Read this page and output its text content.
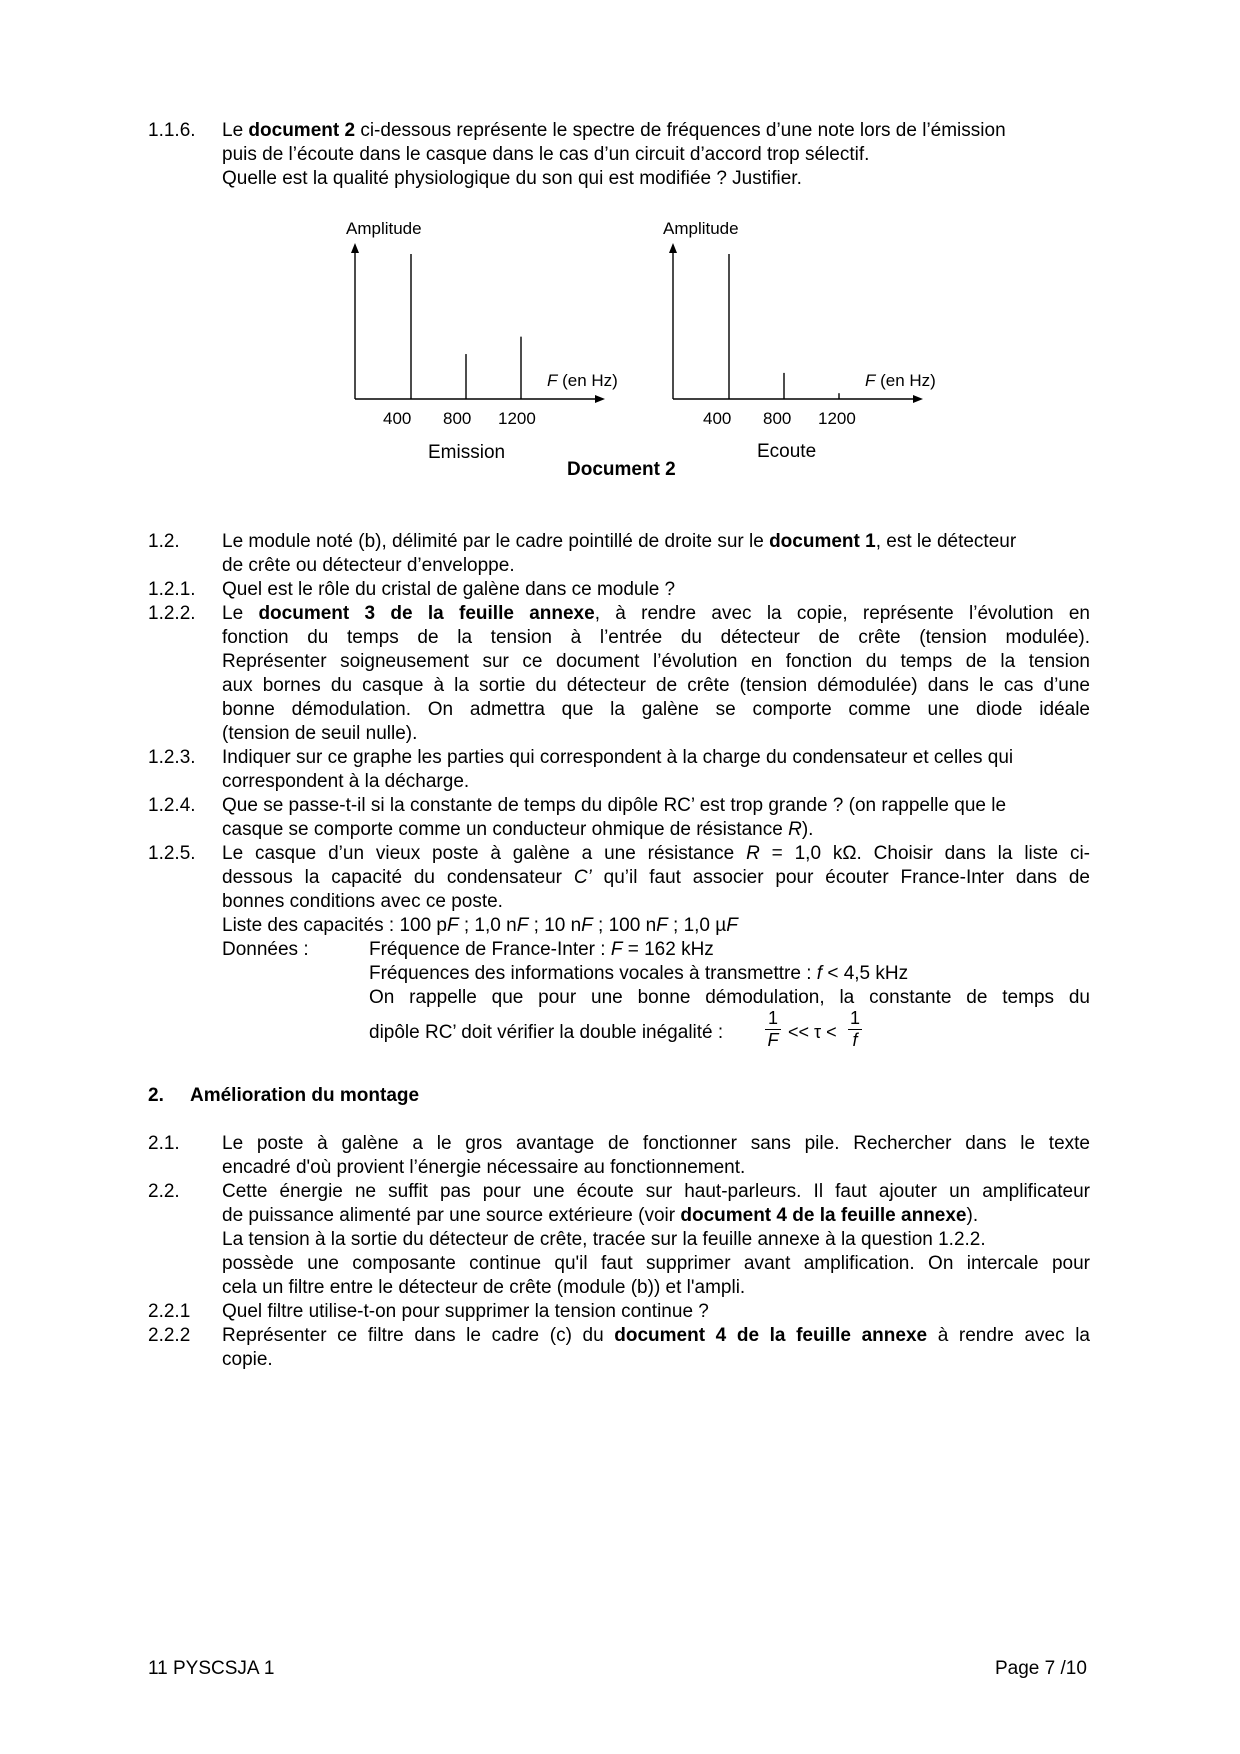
1.1.6. Le document 2 ci-dessous représente le spectre de fréquences d’une note lors de l’émission
puis de l’écoute dans le casque dans le cas d’un circuit d’accord trop sélectif.
Quelle est la qualité physiologique du son qui est modifiée ? Justifier.
Amplitude	Amplitude
F (en Hz)	F (en Hz)
400 800 1200	400 800 1200
Emission	Ecoute
Document 2
1.2. Le module noté (b), délimité par le cadre pointillé de droite sur le document 1, est le détecteur
de crête ou détecteur d’enveloppe.
1.2.1. Quel est le rôle du cristal de galène dans ce module ?
1.2.2. Le document 3 de la feuille annexe, à rendre avec la copie, représente l’évolution en
fonction du temps de la tension à l’entrée du détecteur de crête (tension modulée).
Représenter soigneusement sur ce document l’évolution en fonction du temps de la tension
aux bornes du casque à la sortie du détecteur de crête (tension démodulée) dans le cas d’une
bonne démodulation. On admettra que la galène se comporte comme une diode idéale
(tension de seuil nulle).
1.2.3. Indiquer sur ce graphe les parties qui correspondent à la charge du condensateur et celles qui
correspondent à la décharge.
1.2.4. Que se passe-t-il si la constante de temps du dipôle RC’ est trop grande ? (on rappelle que le
casque se comporte comme un conducteur ohmique de résistance R).
1.2.5. Le casque d’un vieux poste à galène a une résistance R = 1,0 kΩ. Choisir dans la liste ci-
dessous la capacité du condensateur C’ qu’il faut associer pour écouter France-Inter dans de
bonnes conditions avec ce poste.
Liste des capacités : 100 pF ; 1,0 nF ; 10 nF ; 100 nF ; 1,0 µF
Données :	Fréquence de France-Inter : F = 162 kHz
Fréquences des informations vocales à transmettre : f < 4,5 kHz
On rappelle que pour une bonne démodulation, la constante de temps du
dipôle RC’ doit vérifier la double inégalité :
1
F << τ <
1
f
2. Amélioration du montage
2.1. Le poste à galène a le gros avantage de fonctionner sans pile. Rechercher dans le texte
encadré d'où provient l’énergie nécessaire au fonctionnement.
2.2. Cette énergie ne suffit pas pour une écoute sur haut-parleurs. Il faut ajouter un amplificateur
de puissance alimenté par une source extérieure (voir document 4 de la feuille annexe).
La tension à la sortie du détecteur de crête, tracée sur la feuille annexe à la question 1.2.2.
possède une composante continue qu'il faut supprimer avant amplification. On intercale pour
cela un filtre entre le détecteur de crête (module (b)) et l'ampli.
2.2.1 Quel filtre utilise-t-on pour supprimer la tension continue ?
2.2.2 Représenter ce filtre dans le cadre (c) du document 4 de la feuille annexe à rendre avec la
copie.
11 PYSCSJA 1	Page 7 /10
